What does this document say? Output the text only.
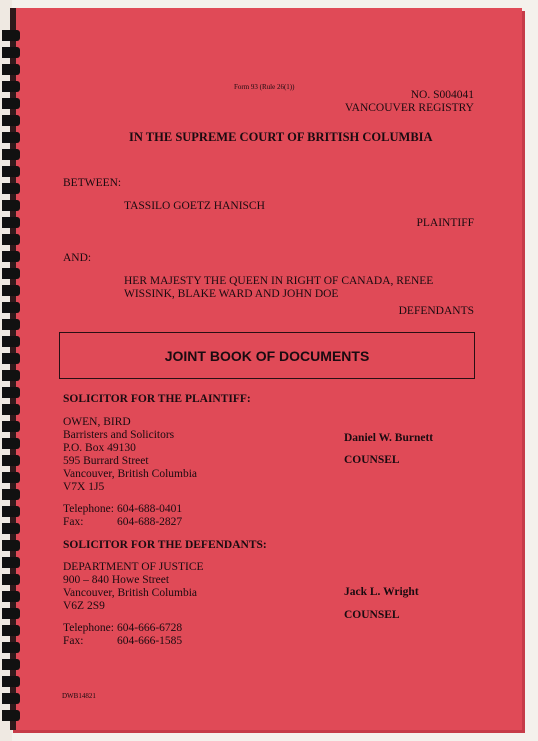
Form 93 (Rule 26(1))
NO. S004041
VANCOUVER REGISTRY
IN THE SUPREME COURT OF BRITISH COLUMBIA
BETWEEN:
TASSILO GOETZ HANISCH
PLAINTIFF
AND:
HER MAJESTY THE QUEEN IN RIGHT OF CANADA, RENEE
WISSINK, BLAKE WARD AND JOHN DOE
DEFENDANTS
JOINT BOOK OF DOCUMENTS
SOLICITOR FOR THE PLAINTIFF:
OWEN, BIRD
Barristers and Solicitors
P.O. Box 49130
595 Burrard Street
Vancouver, British Columbia
V7X 1J5
Telephone: 604-688-0401
Fax:	604-688-2827
Daniel W. Burnett
COUNSEL
SOLICITOR FOR THE DEFENDANTS:
DEPARTMENT OF JUSTICE
900 – 840 Howe Street
Vancouver, British Columbia
V6Z 2S9
Telephone: 604-666-6728
Fax:	604-666-1585
Jack L. Wright
COUNSEL
DWB14821
